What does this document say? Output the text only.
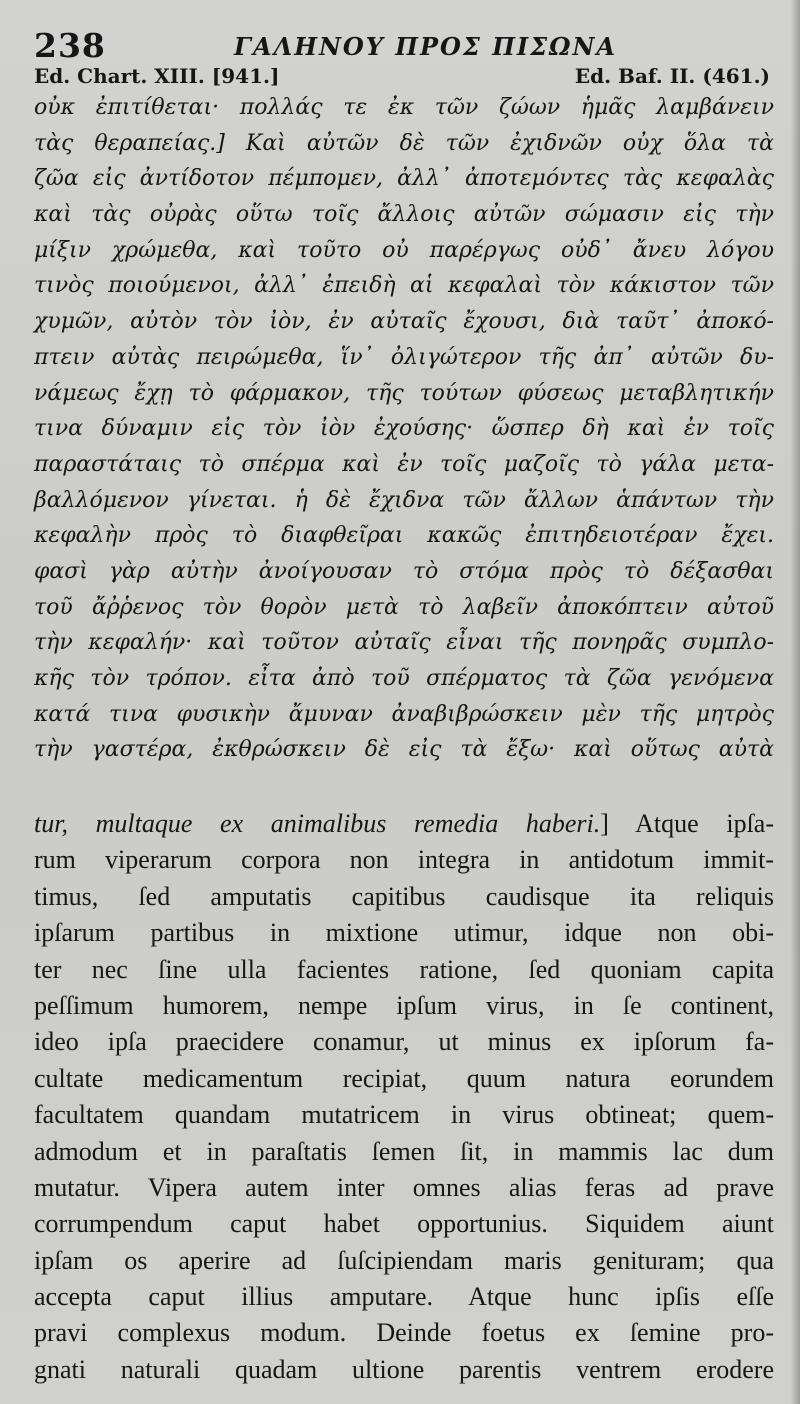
238	ΓΑΛΗΝΟΥ ΠΡΟΣ ΠΙΣΩΝΑ
Ed. Chart. XIII. [941.]	Ed. Baf. II. (461.)
οὐκ ἐπιτίθεται· πολλάς τε ἐκ τῶν ζώων ἡμᾶς λαμβάνειν
τὰς θεραπείας.] Καὶ αὐτῶν δὲ τῶν ἐχιδνῶν οὐχ ὅλα τὰ
ζῶα εἰς ἀντίδοτον πέμπομεν, ἀλλ᾽ ἀποτεμόντες τὰς κεφαλὰς
καὶ τὰς οὐρὰς οὕτω τοῖς ἄλλοις αὐτῶν σώμασιν εἰς τὴν
μίξιν χρώμεθα, καὶ τοῦτο οὐ παρέργως οὐδ᾽ ἄνευ λόγου
τινὸς ποιούμενοι, ἀλλ᾽ ἐπειδὴ αἱ κεφαλαὶ τὸν κάκιστον τῶν
χυμῶν, αὐτὸν τὸν ἰὸν, ἐν αὐταῖς ἔχουσι, διὰ ταῦτ᾽ ἀποκό-
πτειν αὐτὰς πειρώμεθα, ἵν᾽ ὀλιγώτερον τῆς ἀπ᾽ αὐτῶν δυ-
νάμεως ἔχῃ τὸ φάρμακον, τῆς τούτων φύσεως μεταβλητικήν
τινα δύναμιν εἰς τὸν ἰὸν ἐχούσης· ὥσπερ δὴ καὶ ἐν τοῖς
παραστάταις τὸ σπέρμα καὶ ἐν τοῖς μαζοῖς τὸ γάλα μετα-
βαλλόμενον γίνεται. ἡ δὲ ἔχιδνα τῶν ἄλλων ἁπάντων τὴν
κεφαλὴν πρὸς τὸ διαφθεῖραι κακῶς ἐπιτηδειοτέραν ἔχει.
φασὶ γὰρ αὐτὴν ἀνοίγουσαν τὸ στόμα πρὸς τὸ δέξασθαι
τοῦ ἄῤῥενος τὸν θορὸν μετὰ τὸ λαβεῖν ἀποκόπτειν αὐτοῦ
τὴν κεφαλήν· καὶ τοῦτον αὐταῖς εἶναι τῆς πονηρᾶς συμπλο-
κῆς τὸν τρόπον. εἶτα ἀπὸ τοῦ σπέρματος τὰ ζῶα γενόμενα
κατά τινα φυσικὴν ἄμυναν ἀναβιβρώσκειν μὲν τῆς μητρὸς
τὴν γαστέρα, ἐκθρώσκειν δὲ εἰς τὰ ἔξω· καὶ οὕτως αὐτὰ
tur, multaque ex animalibus remedia haberi.] Atque ipſa-
rum viperarum corpora non integra in antidotum immit-
timus, ſed amputatis capitibus caudisque ita reliquis
ipſarum partibus in mixtione utimur, idque non obi-
ter nec ſine ulla facientes ratione, ſed quoniam capita
peſſimum humorem, nempe ipſum virus, in ſe continent,
ideo ipſa praecidere conamur, ut minus ex ipſorum fa-
cultate medicamentum recipiat, quum natura eorundem
facultatem quandam mutatricem in virus obtineat; quem-
admodum et in paraſtatis ſemen ſit, in mammis lac dum
mutatur. Vipera autem inter omnes alias feras ad prave
corrumpendum caput habet opportunius. Siquidem aiunt
ipſam os aperire ad ſuſcipiendam maris genituram; qua
accepta caput illius amputare. Atque hunc ipſis eſſe
pravi complexus modum. Deinde foetus ex ſemine pro-
gnati naturali quadam ultione parentis ventrem erodere
